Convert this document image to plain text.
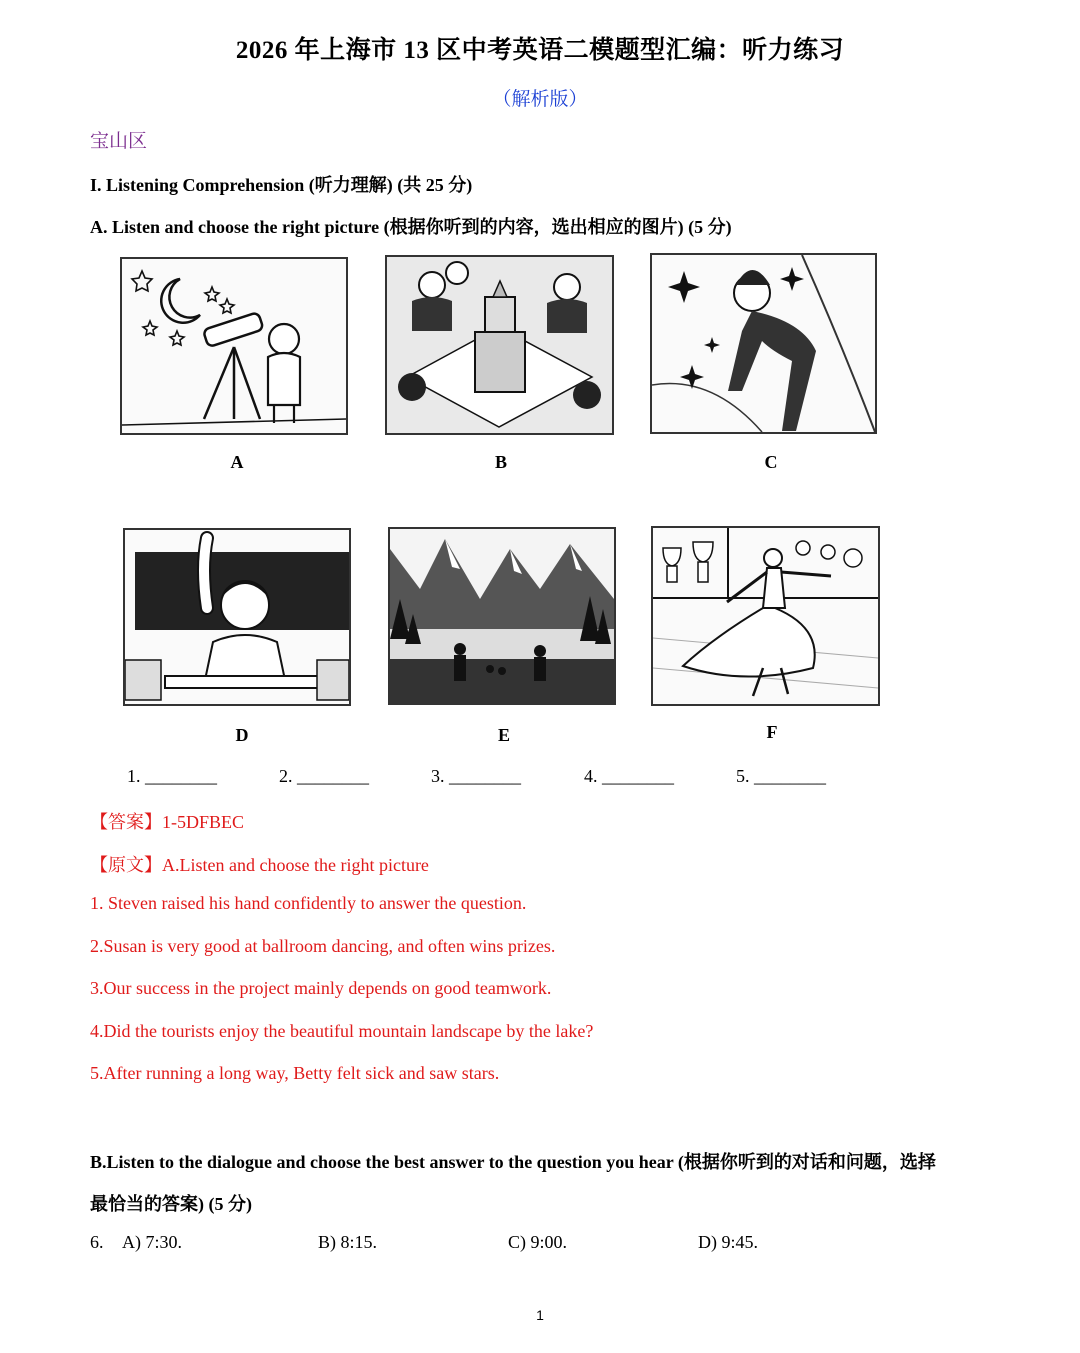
2026 年上海市 13 区中考英语二模题型汇编：听力练习
（解析版）
宝山区
I. Listening Comprehension (听力理解) (共 25 分)
A. Listen and choose the right picture (根据你听到的内容，选出相应的图片) (5 分)
A	B	C
D	E	F
1. ________	2. ________	3. ________	4. ________	5. ________
【答案】1-5DFBEC
【原文】A.Listen and choose the right picture
1. Steven raised his hand confidently to answer the question.
2.Susan is very good at ballroom dancing, and often wins prizes.
3.Our success in the project mainly depends on good teamwork.
4.Did the tourists enjoy the beautiful mountain landscape by the lake?
5.After running a long way, Betty felt sick and saw stars.
B.Listen to the dialogue and choose the best answer to the question you hear (根据你听到的对话和问题，选择
最恰当的答案) (5 分)
6. A) 7:30.	B) 8:15.	C) 9:00.	D) 9:45.
1
